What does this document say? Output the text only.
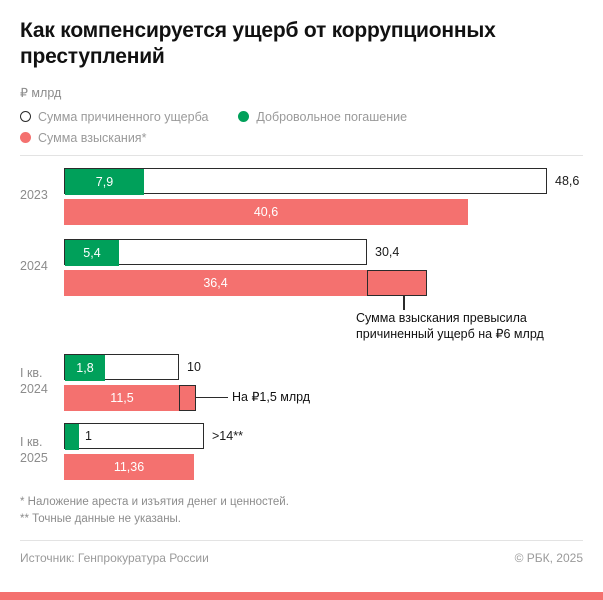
Как компенсируется ущерб от коррупционных преступлений
₽ млрд
Сумма причиненного ущерба	Добровольное погашение
Сумма взыскания*
2023
7,9	48,6
40,6
2024
5,4	30,4
36,4
Сумма взыскания превысила
причиненный ущерб на ₽6 млрд
I кв.
2024
1,8	10
11,5	На ₽1,5 млрд
I кв.
2025
1	>14**
11,36
* Наложение ареста и изъятия денег и ценностей.
** Точные данные не указаны.
Источник: Генпрокуратура России	© РБК, 2025
